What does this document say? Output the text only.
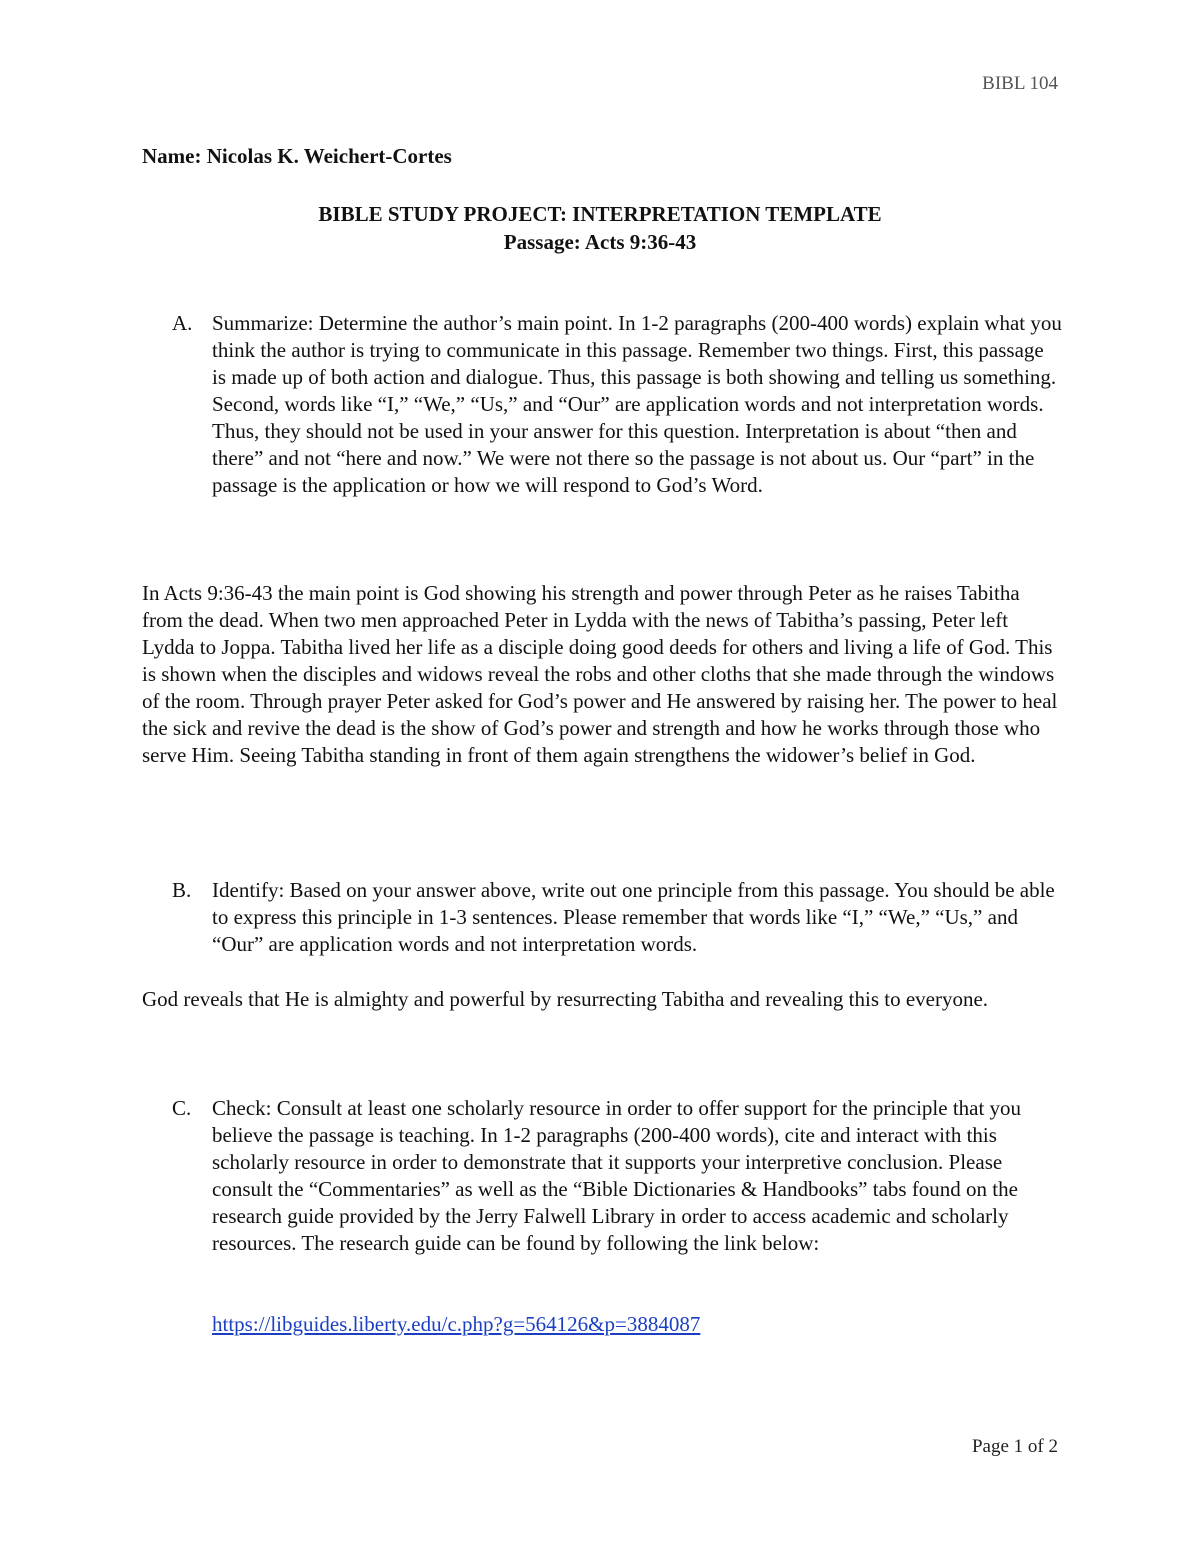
BIBL 104
Name: Nicolas K. Weichert-Cortes
BIBLE STUDY PROJECT: INTERPRETATION TEMPLATE
Passage: Acts 9:36-43
A. Summarize: Determine the author’s main point. In 1-2 paragraphs (200-400 words) explain what you think the author is trying to communicate in this passage. Remember two things. First, this passage is made up of both action and dialogue. Thus, this passage is both showing and telling us something. Second, words like “I,” “We,” “Us,” and “Our” are application words and not interpretation words. Thus, they should not be used in your answer for this question. Interpretation is about “then and there” and not “here and now.” We were not there so the passage is not about us. Our “part” in the passage is the application or how we will respond to God’s Word.
In Acts 9:36-43 the main point is God showing his strength and power through Peter as he raises Tabitha from the dead. When two men approached Peter in Lydda with the news of Tabitha’s passing, Peter left Lydda to Joppa. Tabitha lived her life as a disciple doing good deeds for others and living a life of God. This is shown when the disciples and widows reveal the robs and other cloths that she made through the windows of the room. Through prayer Peter asked for God’s power and He answered by raising her. The power to heal the sick and revive the dead is the show of God’s power and strength and how he works through those who serve Him. Seeing Tabitha standing in front of them again strengthens the widower’s belief in God.
B. Identify: Based on your answer above, write out one principle from this passage. You should be able to express this principle in 1-3 sentences. Please remember that words like “I,” “We,” “Us,” and “Our” are application words and not interpretation words.
God reveals that He is almighty and powerful by resurrecting Tabitha and revealing this to everyone.
C. Check: Consult at least one scholarly resource in order to offer support for the principle that you believe the passage is teaching. In 1-2 paragraphs (200-400 words), cite and interact with this scholarly resource in order to demonstrate that it supports your interpretive conclusion. Please consult the “Commentaries” as well as the “Bible Dictionaries & Handbooks” tabs found on the research guide provided by the Jerry Falwell Library in order to access academic and scholarly resources. The research guide can be found by following the link below:
https://libguides.liberty.edu/c.php?g=564126&p=3884087
Page 1 of 2
